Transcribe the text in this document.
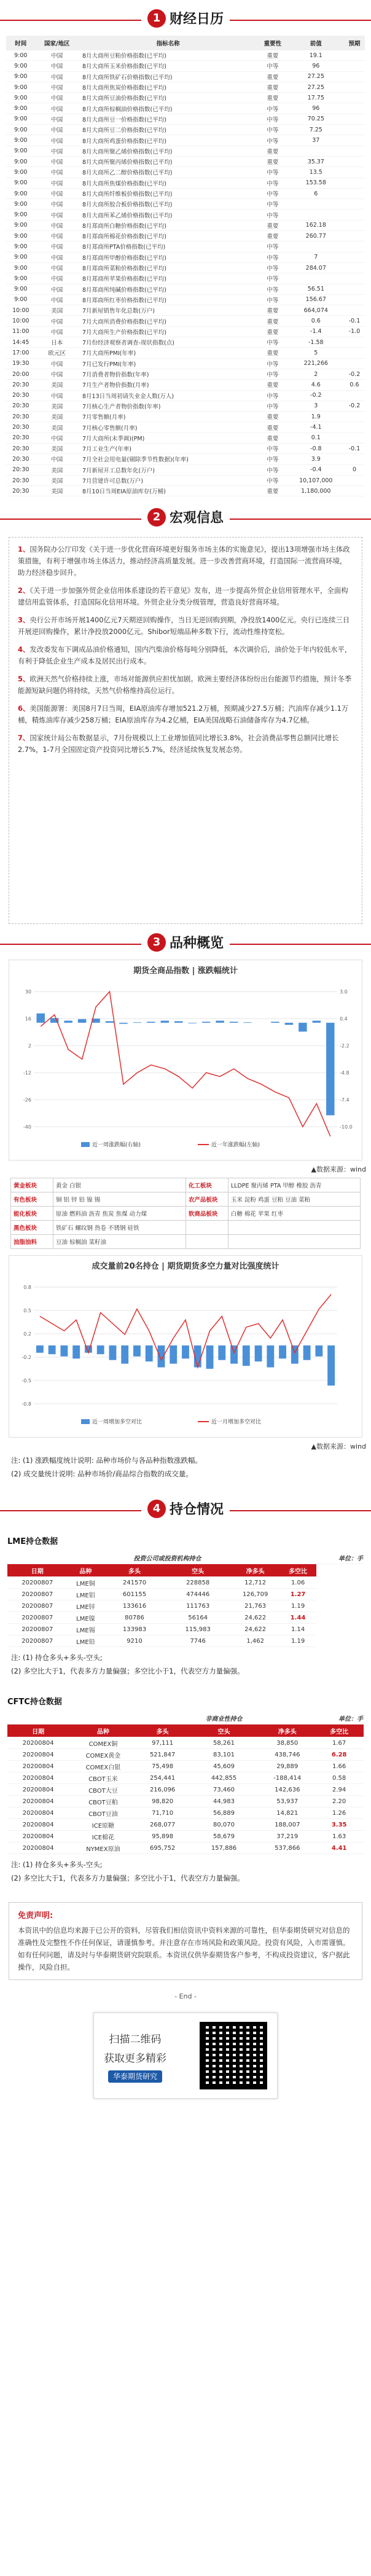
1 财经日历
时间	国家/地区	指标名称	重要性	前值	预期
9:00	中国	8月大商所豆粕价格指数(已平均)	重要	19.1	
9:00	中国	8月大商所玉米价格指数(已平均)	中等	96	
9:00	中国	8月大商所铁矿石价格指数(已平均)	重要	27.25	
9:00	中国	8月大商所焦炭价格指数(已平均)	重要	27.25	
9:00	中国	8月大商所豆油价格指数(已平均)	重要	17.75	
9:00	中国	8月大商所棕榈油价格指数(已平均)	中等	96	
9:00	中国	8月大商所豆一价格指数(已平均)	中等	70.25	
9:00	中国	8月大商所豆二价格指数(已平均)	中等	7.25	
9:00	中国	8月大商所鸡蛋价格指数(已平均)	中等	37	
9:00	中国	8月大商所聚乙烯价格指数(已平均)	重要		
9:00	中国	8月大商所聚丙烯价格指数(已平均)	重要	35.37	
9:00	中国	8月大商所乙二醇价格指数(已平均)	中等	13.5	
9:00	中国	8月大商所焦煤价格指数(已平均)	中等	153.58	
9:00	中国	8月大商所纤维板价格指数(已平均)	中等	6	
9:00	中国	8月大商所胶合板价格指数(已平均)	中等		
9:00	中国	8月大商所苯乙烯价格指数(已平均)	中等		
9:00	中国	8月郑商所白糖价格指数(已平均)	重要	162.18	
9:00	中国	8月郑商所棉花价格指数(已平均)	重要	260.77	
9:00	中国	8月郑商所PTA价格指数(已平均)	中等		
9:00	中国	8月郑商所甲醇价格指数(已平均)	中等	7	
9:00	中国	8月郑商所菜粕价格指数(已平均)	中等	284.07	
9:00	中国	8月郑商所苹果价格指数(已平均)	中等		
9:00	中国	8月郑商所纯碱价格指数(已平均)	中等	56.51	
9:00	中国	8月郑商所红枣价格指数(已平均)	中等	156.67	
10:00	美国	7月新屋销售年化总数(万户)	重要	664,074	
10:00	中国	7月大商所消费价格指数(已平均)	重要	0.6	-0.1
11:00	中国	7月大商所生产价格指数(已平均)	重要	-1.4	-1.0
14:45	日本	7月份经济观察者调查-现状指数(点)	中等	-1.58	
17:00	欧元区	7月大商所PMI(年率)	重要	5	
19:30	中国	7月已发行PMI(年率)	中等	221,266	
20:00	中国	7月消费者物价指数(年率)	中等	2	-0.2
20:30	美国	7月生产者物价指数(月率)	重要	4.6	0.6
20:30	中国	8月13日当周初请失业金人数(万人)	中等	-0.2	
20:30	美国	7月核心生产者物价指数(年率)	中等	3	-0.2
20:30	美国	7月零售额(月率)	重要	1.9	
20:30	美国	7月核心零售额(月率)	重要	-4.1	
20:30	中国	7月大商所(未季调)(PM)	重要	0.1	
20:30	美国	7月工业生产(年率)	中等	-0.8	-0.1
20:30	中国	7月全社会用电量(剔除季节性数据)(年率)	中等	3.9	
20:30	美国	7月新屋开工总数年化(万户)	中等	-0.4	0
20:30	美国	7月营建许可总数(万户)	中等	10,107,000	
20:30	美国	8月10日当周EIA原油库存(万桶)	重要	1,180,000	
2 宏观信息

1、国务院办公厅印发《关于进一步优化营商环境更好服务市场主体的实施意见》，提出13项增强市场主体政策措施，有利于增强市场主体活力，推动经济高质量发展。进一步改善营商环境，打造国际一流营商环境，助力经济稳步回升。

2、《关于进一步加强外贸企业信用体系建设的若干意见》发布，进一步提高外贸企业信用管理水平，全面构建信用监管体系，打造国际化信用环境。外贸企业分类分级管理，营造良好营商环境。

3、央行公开市场开展1400亿元7天期逆回购操作，当日无逆回购到期，净投放1400亿元。央行已连续三日开展逆回购操作，累计净投放2000亿元。Shibor短端品种多数下行，流动性维持宽松。

4、发改委发布下调成品油价格通知，国内汽柴油价格每吨分别降低，本次调价后，油价处于年内较低水平，有利于降低企业生产成本及居民出行成本。

5、欧洲天然气价格持续上涨，市场对能源供应担忧加剧。欧洲主要经济体纷纷出台能源节约措施，预计冬季能源短缺问题仍将持续，天然气价格维持高位运行。

6、美国能源署：美国8月7日当周，EIA原油库存增加521.2万桶，预期减少27.5万桶；汽油库存减少1.1万桶，精炼油库存减少258万桶；EIA原油库存为4.2亿桶，EIA美国战略石油储备库存为4.7亿桶。

7、国家统计局公布数据显示，7月份规模以上工业增加值同比增长3.8%，社会消费品零售总额同比增长2.7%，1-7月全国固定资产投资同比增长5.7%，经济延续恢复发展态势。

3 品种概览
期货全商品指数 | 涨跌幅统计
30	3.0
16	0.4
2	-2.2
-12	-4.8
-26	-7.4
-40	-10.0
近一周涨跌幅(右轴)	近一年涨跌幅(左轴)
▲数据来源：wind
黄金板块	黄金 白银	化工板块	LLDPE 聚丙烯 PTA 甲醇 橡胶 沥青
有色板块	铜 铝 锌 铅 镍 锡	农产品板块	玉米 淀粉 鸡蛋 豆粕 豆油 菜粕
能化板块	原油 燃料油 沥青 焦炭 焦煤 动力煤	软商品板块	白糖 棉花 苹果 红枣
黑色板块	铁矿石 螺纹钢 热卷 不锈钢 硅铁		
油脂油料	豆油 棕榈油 菜籽油		
成交量前20名持仓 | 期货期货多空力量对比强度统计
0.8
0.5
0.2
-0.2
-0.5
-0.8
近一周增加多空对比	近一月增加多空对比
▲数据来源：wind
注: (1) 涨跌幅度统计说明: 品种市场价与各品种指数涨跌幅。
(2) 成交量统计说明: 品种市场价/商品综合指数的成交量。
4 持仓情况
LME持仓数据
		投资公司或投资机构持仓				单位：手
日期	品种	多头	空头	净多头	多空比	
20200807	LME铜	241570	228858	12,712	1.06	
20200807	LME铝	601155	474446	126,709	1.27	
20200807	LME锌	133616	111763	21,763	1.19	
20200807	LME镍	80786	56164	24,622	1.44	
20200807	LME锡	133983	115,983	24,622	1.14	
20200807	LME铅	9210	7746	1,462	1.19	
注: (1) 持仓多头+多头-空头;
(2) 多空比大于1，代表多方力量偏强；多空比小于1，代表空方力量偏强。
CFTC持仓数据
			非商业性持仓		单位：手
日期	品种	多头	空头	净多头	多空比
20200804	COMEX铜	97,111	58,261	38,850	1.67
20200804	COMEX黄金	521,847	83,101	438,746	6.28
20200804	COMEX白银	75,498	45,609	29,889	1.66
20200804	CBOT玉米	254,441	442,855	-188,414	0.58
20200804	CBOT大豆	216,096	73,460	142,636	2.94
20200804	CBOT豆粕	98,820	44,983	53,937	2.20
20200804	CBOT豆油	71,710	56,889	14,821	1.26
20200804	ICE原糖	268,077	80,070	188,007	3.35
20200804	ICE棉花	95,898	58,679	37,219	1.63
20200804	NYMEX原油	695,752	157,886	537,866	4.41
注: (1) 持仓多头+多头-空头;
(2) 多空比大于1，代表多方力量偏强；多空比小于1，代表空方力量偏强。
免责声明:

本资讯中的信息均来源于已公开的资料，尽管我们相信资讯中资料来源的可靠性，但华泰期货研究对信息的准确性及完整性不作任何保证，请谨慎参考。并注意存在市场风险和政策风险。投资有风险，入市需谨慎。如有任何问题，请及时与华泰期货研究院联系。本资讯仅供华泰期货客户参考，不构成投资建议，客户据此操作，风险自担。

- End -
扫描二维码
获取更多精彩
华泰期货研究
